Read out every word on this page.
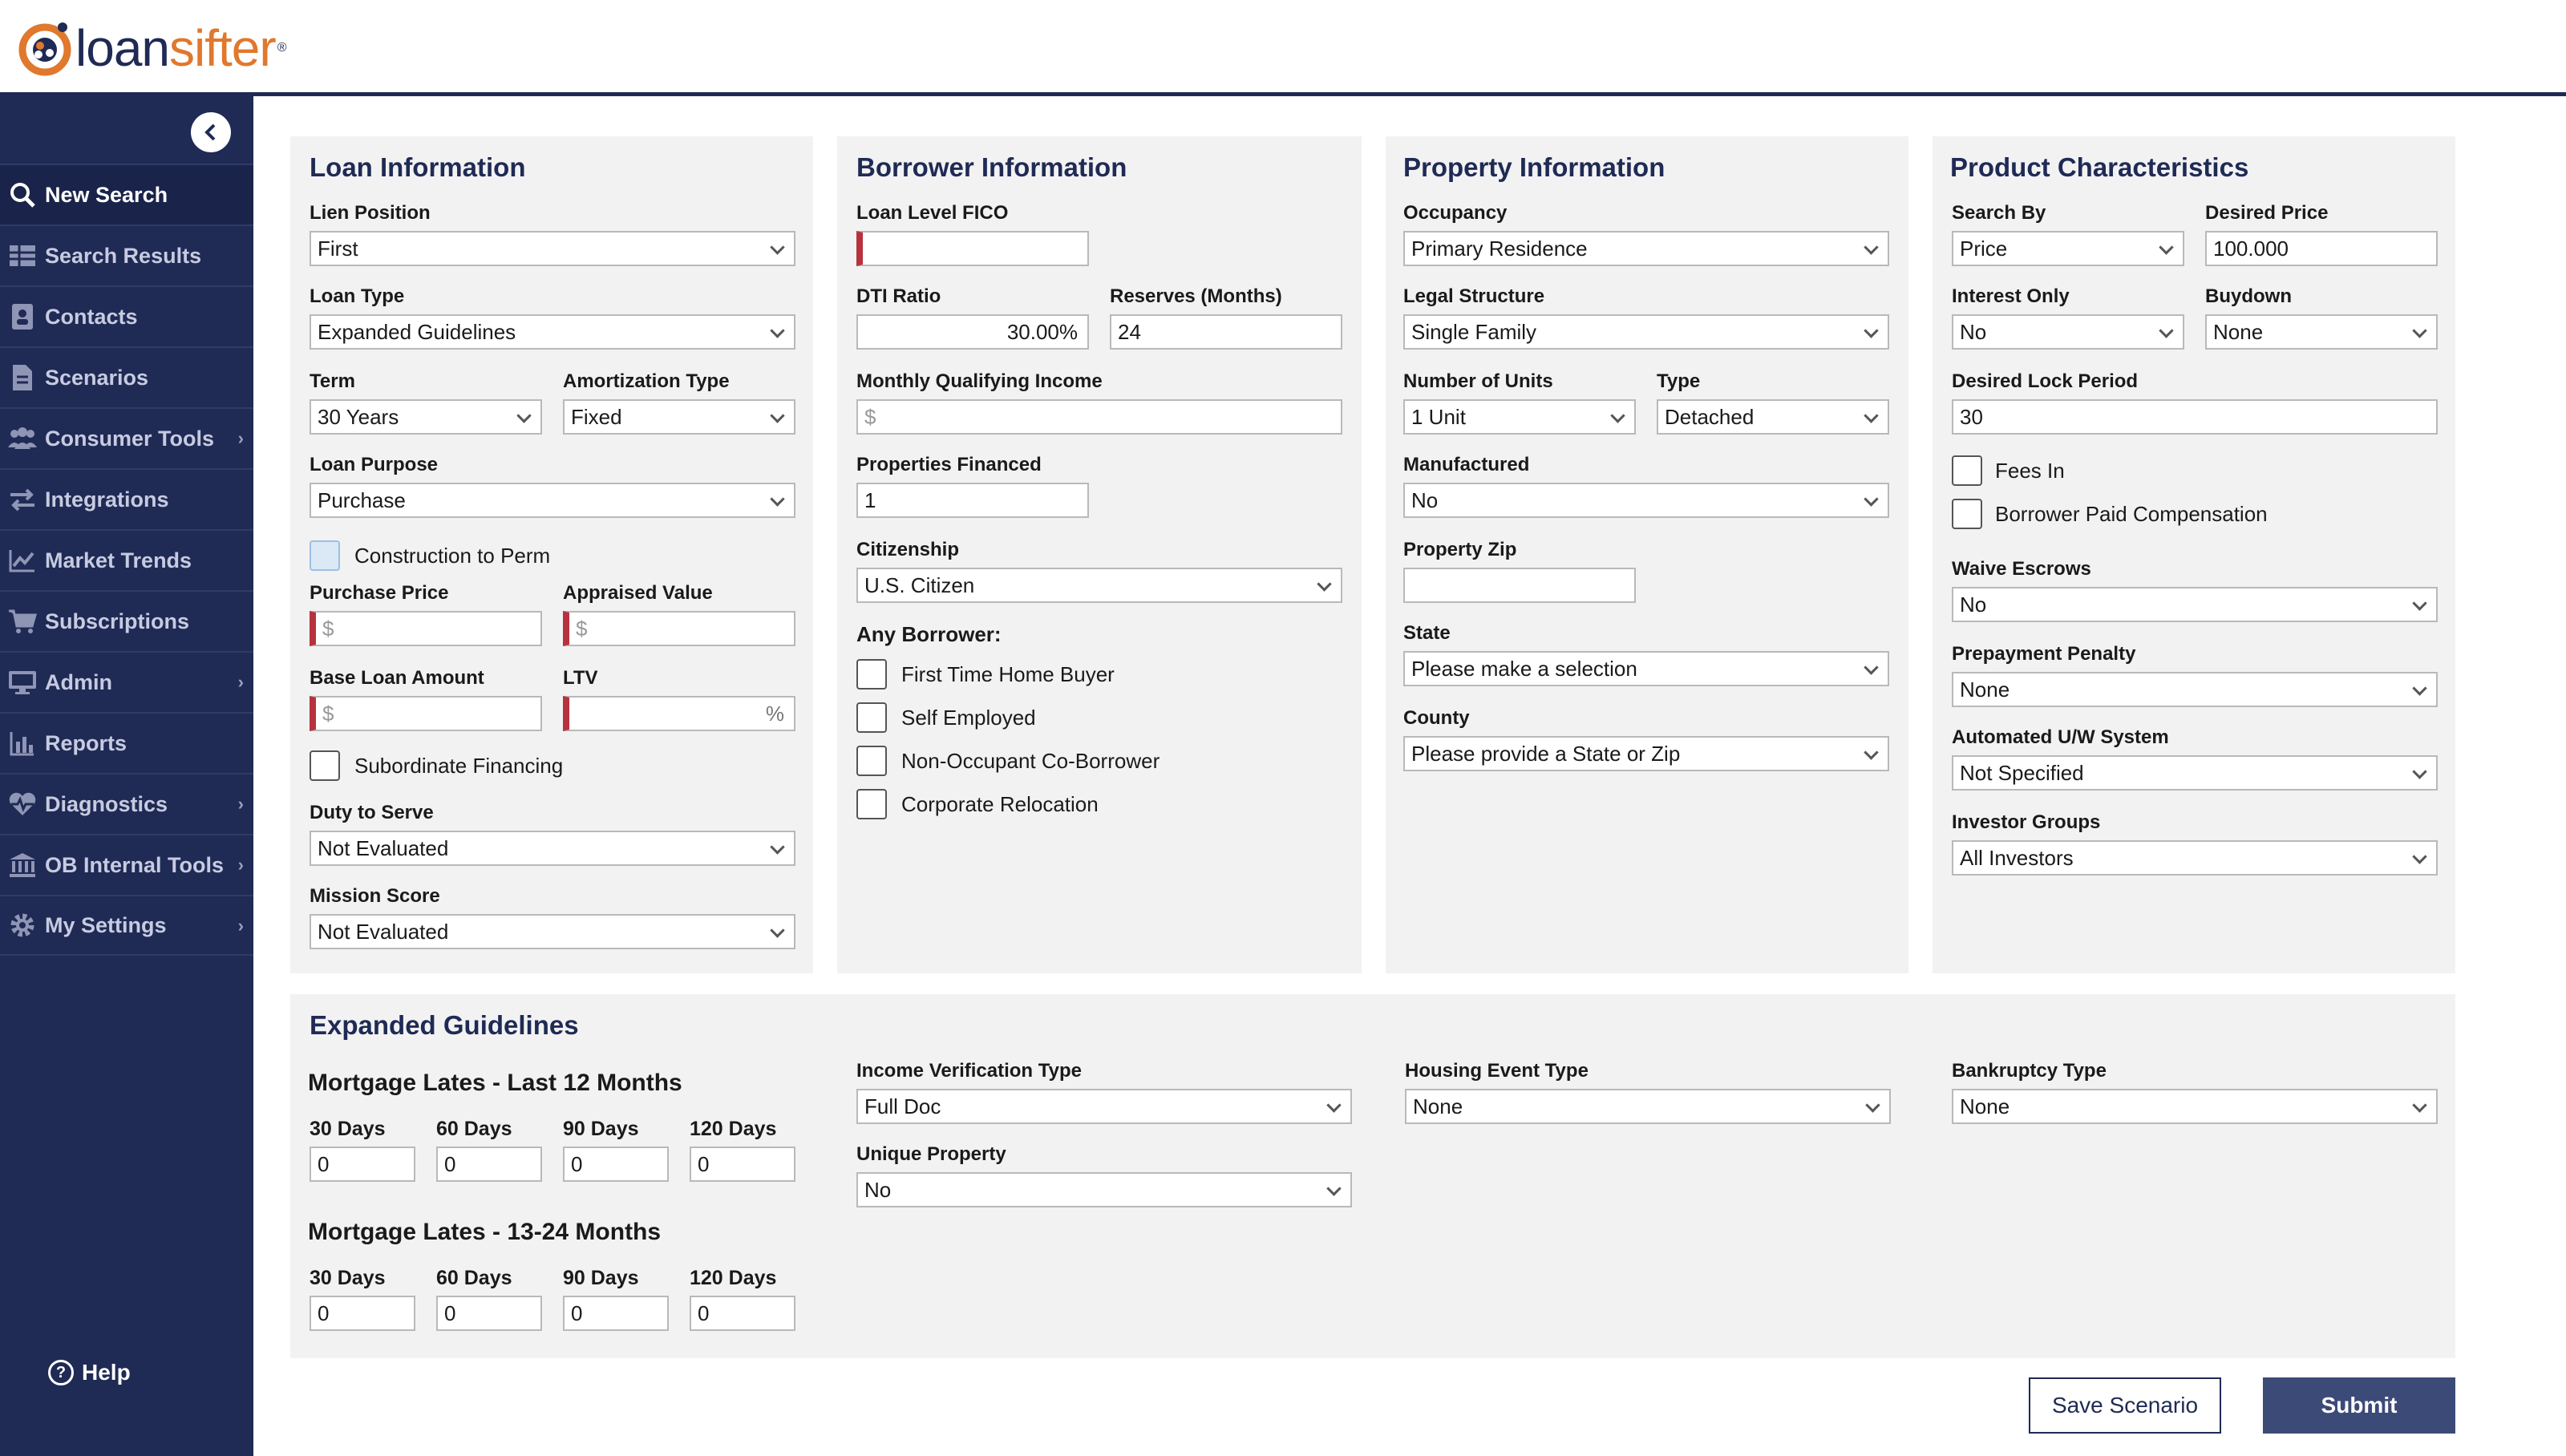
loansifter ®
New Search
Search Results
Contacts
Scenarios
Consumer Tools ›
Integrations
Market Trends
Subscriptions
Admin	›
Reports
Diagnostics	›
OB Internal Tools ›
My Settings	›
? Help
Loan Information
Lien Position
First
Loan Type
Expanded Guidelines
Term
30 Years
Amortization Type
Fixed
Loan Purpose
Purchase
Construction to Perm
Purchase Price
$
Appraised Value
$
Base Loan Amount
$
LTV
%
Subordinate Financing
Duty to Serve
Not Evaluated
Mission Score
Not Evaluated
Borrower Information
Loan Level FICO
DTI Ratio
30.00%
Reserves (Months)
24
Monthly Qualifying Income
$
Properties Financed
1
Citizenship
U.S. Citizen
Any Borrower:
First Time Home Buyer
Self Employed
Non-Occupant Co-Borrower
Corporate Relocation
Property Information
Occupancy
Primary Residence
Legal Structure
Single Family
Number of Units
1 Unit
Type
Detached
Manufactured
No
Property Zip
State
Please make a selection
County
Please provide a State or Zip
Product Characteristics
Search By
Price
Desired Price
100.000
Interest Only
No
Buydown
None
Desired Lock Period
30
Fees In
Borrower Paid Compensation
Waive Escrows
No
Prepayment Penalty
None
Automated U/W System
Not Specified
Investor Groups
All Investors
Expanded Guidelines
Mortgage Lates - Last 12 Months
30 Days	60 Days	90 Days	120 Days
0	0	0	0
Mortgage Lates - 13-24 Months
30 Days	60 Days	90 Days	120 Days
0	0	0	0
Income Verification Type
Full Doc
Unique Property
No
Housing Event Type
None
Bankruptcy Type
None
Save Scenario	Submit
